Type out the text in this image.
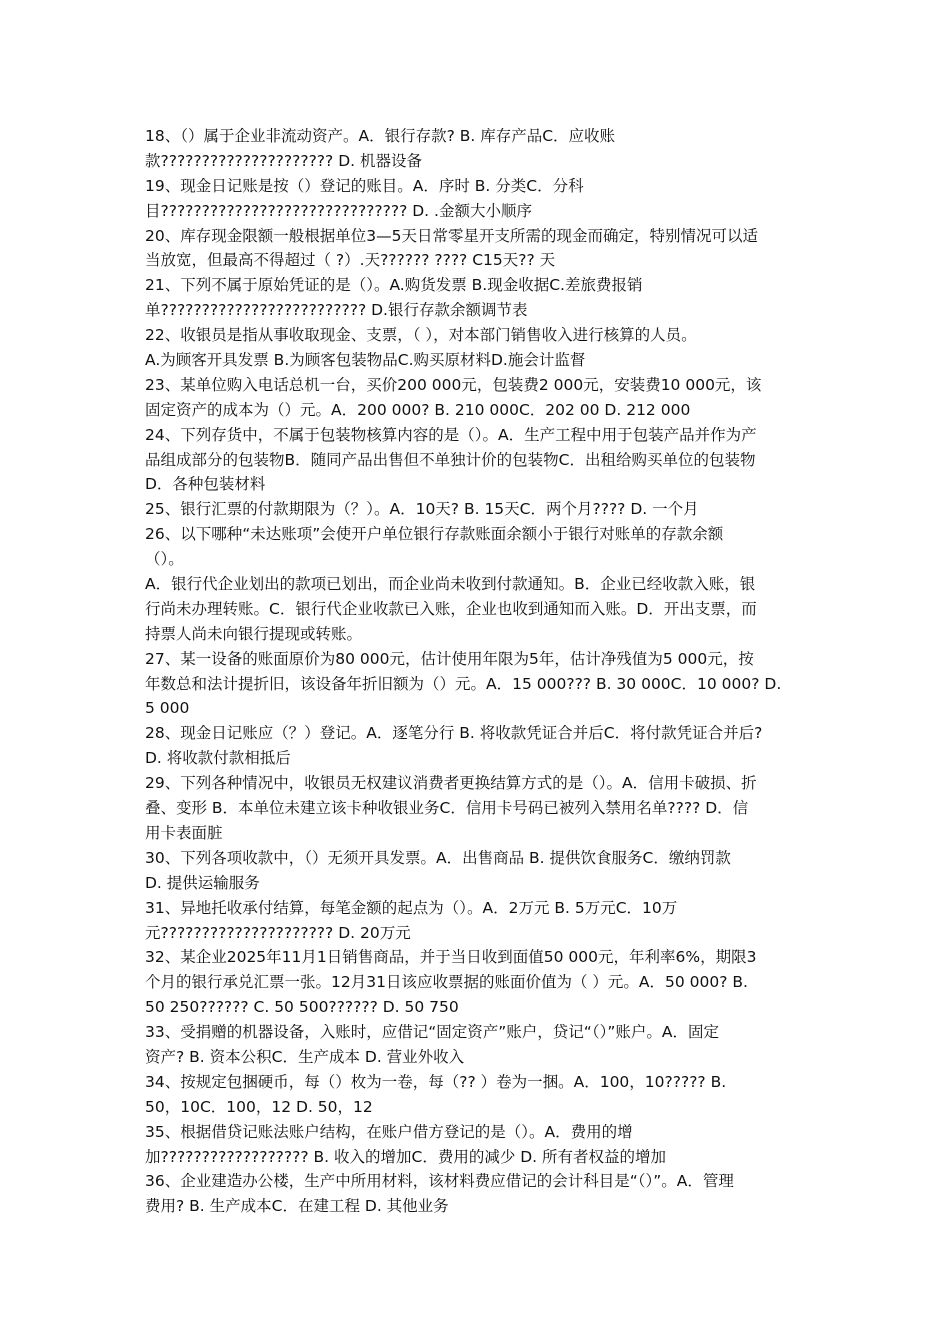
18、（）属于企业非流动资产。A．银行存款? B. 库存产品C．应收账
款????????????????????? D. 机器设备
19、现金日记账是按（）登记的账目。A．序时 B. 分类C．分科
目?????????????????????????????? D. .金额大小顺序
20、库存现金限额一般根据单位3—5天日常零星开支所需的现金而确定，特别情况可以适
当放宽，但最高不得超过（ ?）.天?????? ???? C15天?? 天
21、下列不属于原始凭证的是（）。A.购货发票 B.现金收据C.差旅费报销
单????????????????????????? D.银行存款余额调节表
22、收银员是指从事收取现金、支票，（ ），对本部门销售收入进行核算的人员。
A.为顾客开具发票 B.为顾客包装物品C.购买原材料D.施会计监督
23、某单位购入电话总机一台，买价200 000元，包装费2 000元，安装费10 000元，该
固定资产的成本为（）元。A．200 000? B. 210 000C．202 00 D. 212 000
24、下列存货中，不属于包装物核算内容的是（）。A．生产工程中用于包装产品并作为产
品组成部分的包装物B．随同产品出售但不单独计价的包装物C．出租给购买单位的包装物
D．各种包装材料
25、银行汇票的付款期限为（？）。A．10天? B. 15天C．两个月???? D. 一个月
26、以下哪种“未达账项”会使开户单位银行存款账面余额小于银行对账单的存款余额
（）。
A．银行代企业划出的款项已划出，而企业尚未收到付款通知。B．企业已经收款入账，银
行尚未办理转账。C．银行代企业收款已入账，企业也收到通知而入账。D．开出支票，而
持票人尚未向银行提现或转账。
27、某一设备的账面原价为80 000元，估计使用年限为5年，估计净残值为5 000元，按
年数总和法计提折旧，该设备年折旧额为（）元。A．15 000??? B. 30 000C．10 000? D.
5 000
28、现金日记账应（？）登记。A．逐笔分行 B. 将收款凭证合并后C．将付款凭证合并后?
D. 将收款付款相抵后
29、下列各种情况中，收银员无权建议消费者更换结算方式的是（）。A．信用卡破损、折
叠、变形 B．本单位未建立该卡种收银业务C．信用卡号码已被列入禁用名单???? D．信
用卡表面脏
30、下列各项收款中，（）无须开具发票。A．出售商品 B. 提供饮食服务C．缴纳罚款
D. 提供运输服务
31、异地托收承付结算，每笔金额的起点为（）。A．2万元 B. 5万元C．10万
元????????????????????? D. 20万元
32、某企业2025年11月1日销售商品，并于当日收到面值50 000元，年利率6%，期限3
个月的银行承兑汇票一张。12月31日该应收票据的账面价值为（ ）元。A．50 000? B.
50 250?????? C. 50 500?????? D. 50 750
33、受捐赠的机器设备，入账时，应借记“固定资产”账户，贷记“（）”账户。A．固定
资产? B. 资本公积C．生产成本 D. 营业外收入
34、按规定包捆硬币，每（）枚为一卷，每（?? ）卷为一捆。A．100，10????? B.
50，10C．100，12 D. 50，12
35、根据借贷记账法账户结构，在账户借方登记的是（）。A．费用的增
加?????????????????? B. 收入的增加C．费用的减少 D. 所有者权益的增加
36、企业建造办公楼，生产中所用材料，该材料费应借记的会计科目是“（）”。A．管理
费用? B. 生产成本C．在建工程 D. 其他业务
